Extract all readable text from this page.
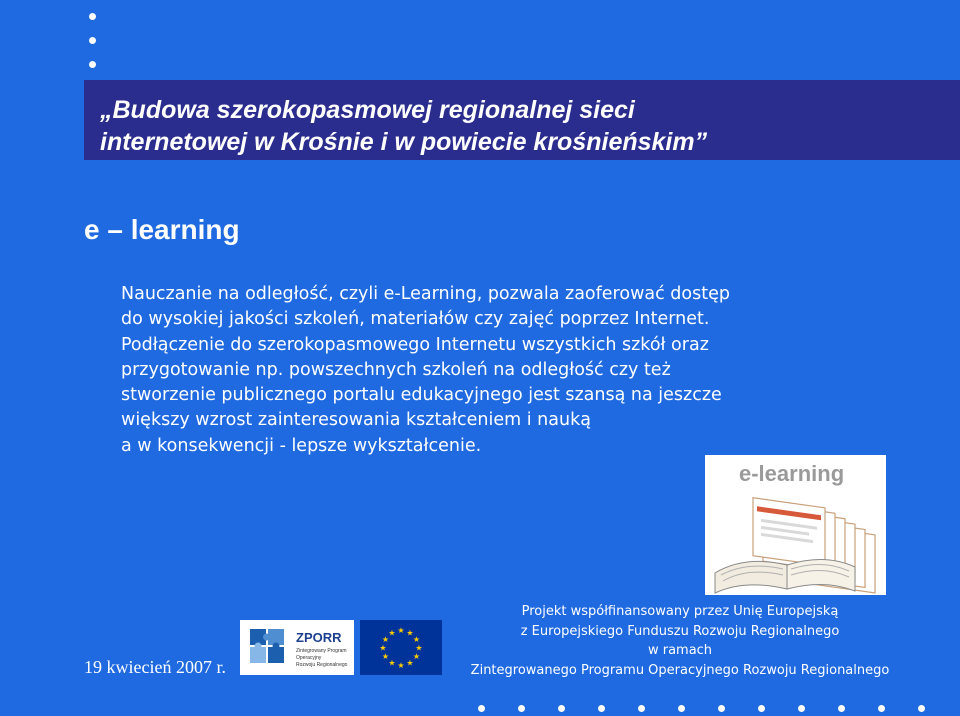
„Budowa szerokopasmowej regionalnej sieci
internetowej w Krośnie i w powiecie krośnieńskim”
e – learning

Nauczanie na odległość, czyli e-Learning, pozwala zaoferować dostęp
do wysokiej jakości szkoleń, materiałów czy zajęć poprzez Internet.
Podłączenie do szerokopasmowego Internetu wszystkich szkół oraz
przygotowanie np. powszechnych szkoleń na odległość czy też
stworzenie publicznego portalu edukacyjnego jest szansą na jeszcze
większy wzrost zainteresowania kształceniem i nauką
a w konsekwencji - lepsze wykształcenie.

e-learning
ZPORR
Zintegrowany Program
Operacyjny
Rozwoju Regionalnego
★ ★
★
★
★
★
★
★
★
★
★
★
19 kwiecień 2007 r.
Projekt współfinansowany przez Unię Europejską
z Europejskiego Funduszu Rozwoju Regionalnego
w ramach
Zintegrowanego Programu Operacyjnego Rozwoju Regionalnego
